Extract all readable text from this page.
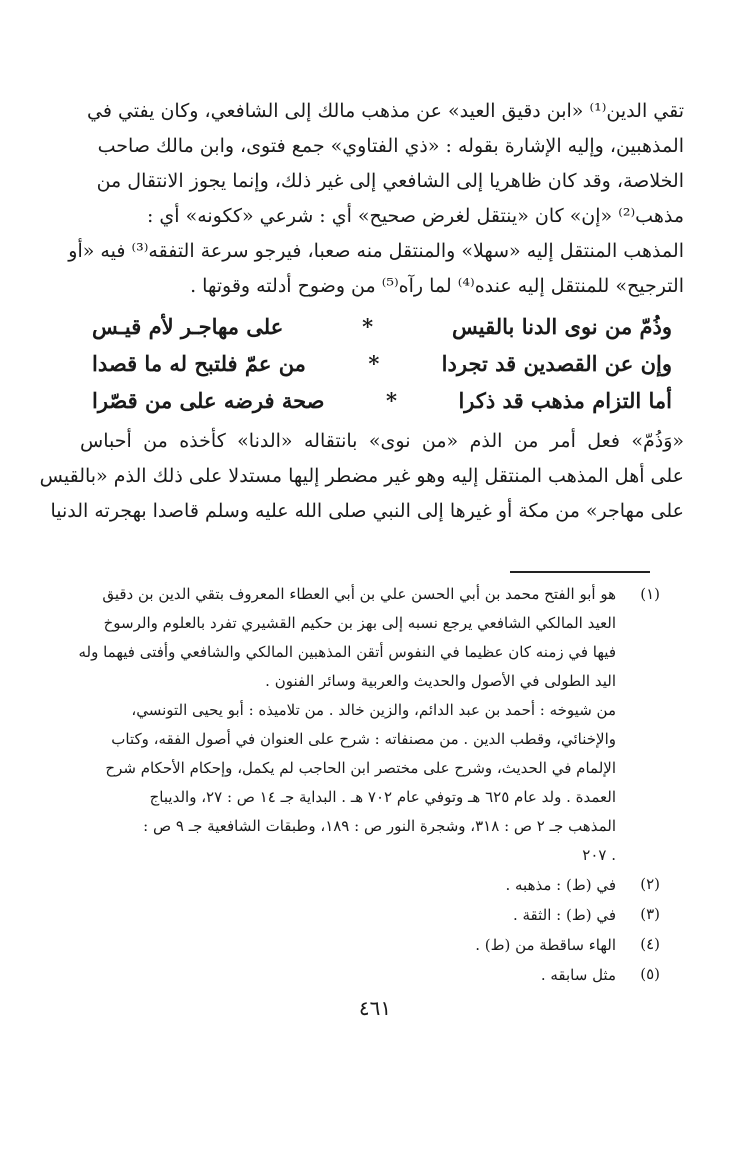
تقي الدين⁽¹⁾ «ابن دقيق العيد» عن مذهب مالك إلى الشافعي، وكان يفتي في
المذهبين، وإليه الإشارة بقوله : «ذي الفتاوي» جمع فتوى، وابن مالك صاحب
الخلاصة، وقد كان ظاهريا إلى الشافعي إلى غير ذلك، وإنما يجوز الانتقال من
مذهب⁽²⁾ «إن» كان «ينتقل لغرض صحيح» أي : شرعي «ككونه» أي :
المذهب المنتقل إليه «سهلا» والمنتقل منه صعبا، فيرجو سرعة التفقه⁽³⁾ فيه «أو
الترجيح» للمنتقل إليه عنده⁽⁴⁾ لما رآه⁽⁵⁾ من وضوح أدلته وقوتها .
وذُمّ من نوى الدنا بالقيس
*
على مهاجـر لأم قيـس
وإن عن القصدين قد تجردا
*
من عمّ فلتبح له ما قصدا
أما التزام مذهب قد ذكرا
*
صحة فرضه على من قصّرا
«وَذُمّ» فعل أمر من الذم «من نوى» بانتقاله «الدنا» كأخذه من أحباس
على أهل المذهب المنتقل إليه وهو غير مضطر إليها مستدلا على ذلك الذم «بالقيس
على مهاجر» من مكة أو غيرها إلى النبي صلى الله عليه وسلم قاصدا بهجرته الدنيا
(١)
هو أبو الفتح محمد بن أبي الحسن علي بن أبي العطاء المعروف بتقي الدين بن دقيق
العيد المالكي الشافعي يرجع نسبه إلى بهز بن حكيم القشيري تفرد بالعلوم والرسوخ
فيها في زمنه كان عظيما في النفوس أتقن المذهبين المالكي والشافعي وأفتى فيهما وله
اليد الطولى في الأصول والحديث والعربية وسائر الفنون .
من شيوخه : أحمد بن عبد الدائم، والزين خالد . من تلاميذه : أبو يحيى التونسي،
والإخنائي، وقطب الدين . من مصنفاته : شرح على العنوان في أصول الفقه، وكتاب
الإلمام في الحديث، وشرح على مختصر ابن الحاجب لم يكمل، وإحكام الأحكام شرح
العمدة . ولد عام ٦٢٥ هـ وتوفي عام ٧٠٢ هـ . البداية جـ ١٤ ص : ٢٧، والديباج
المذهب جـ ٢ ص : ٣١٨، وشجرة النور ص : ١٨٩، وطبقات الشافعية جـ ٩ ص :
. ٢٠٧
(٢)
في (ط) : مذهبه .
(٣)
في (ط) : الثقة .
(٤)
الهاء ساقطة من (ط) .
(٥)
مثل سابقه .
٤٦١
